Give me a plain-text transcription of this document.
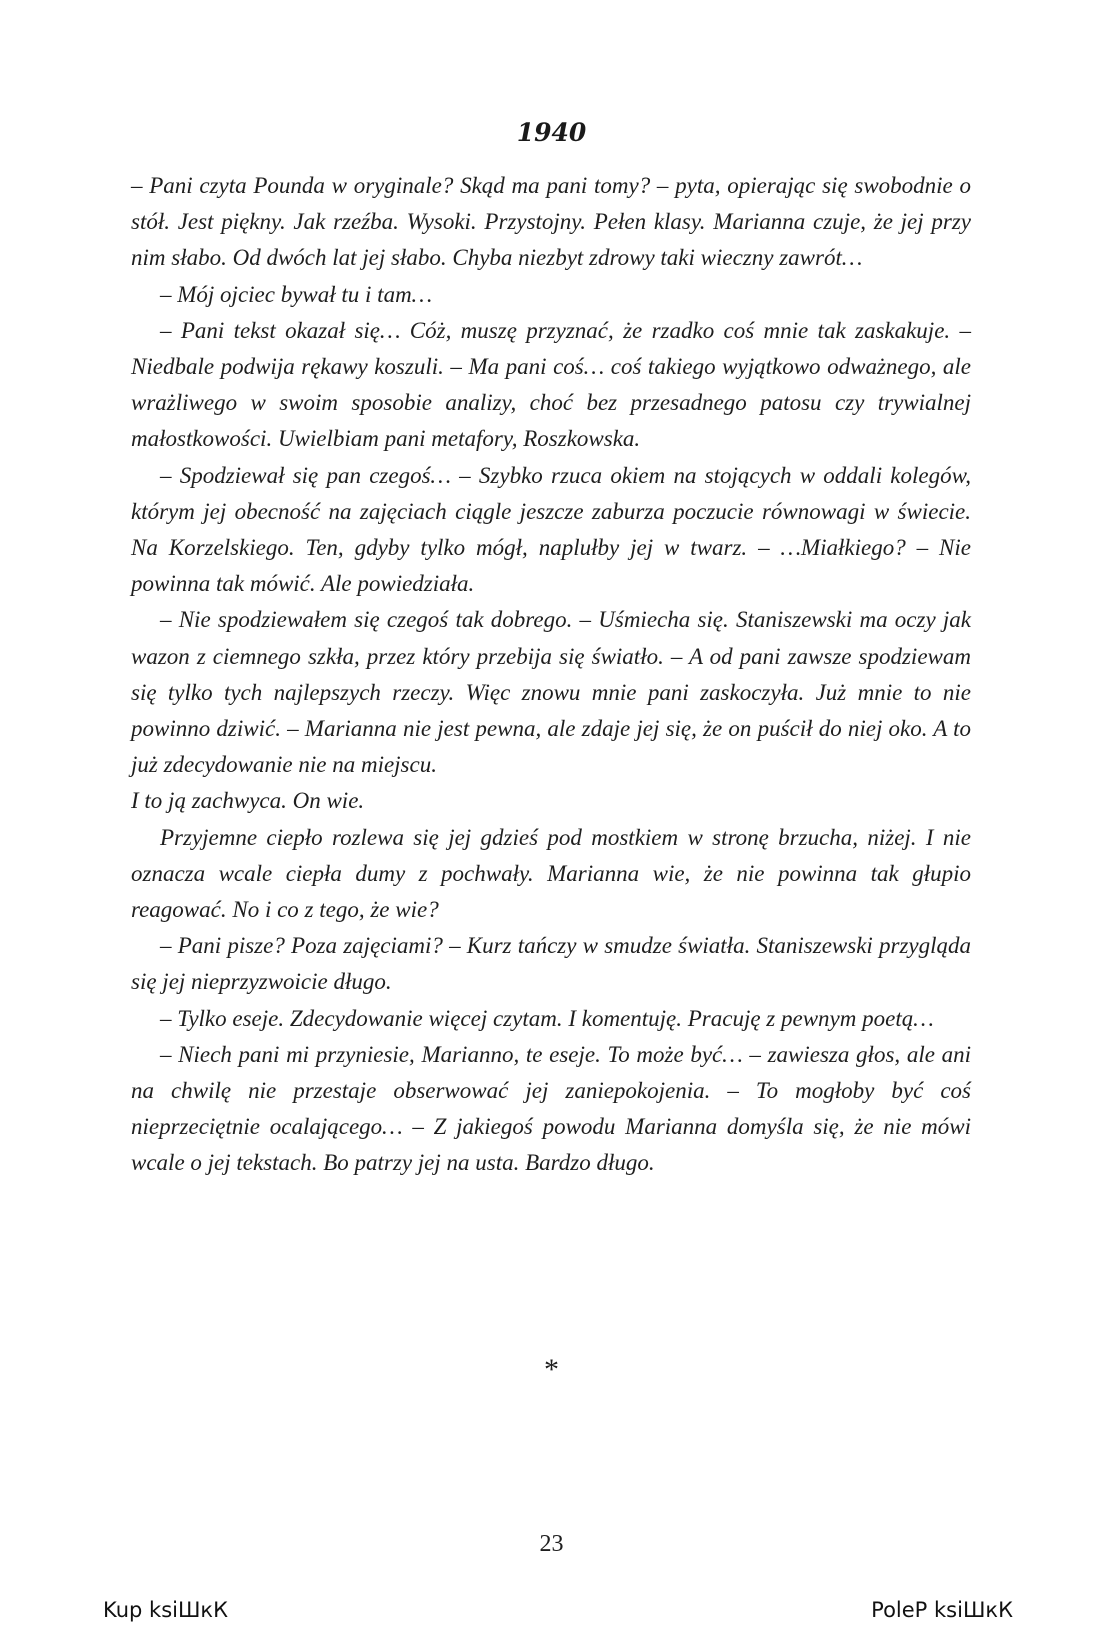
1940

– Pani czyta Pounda w oryginale? Skąd ma pani tomy? – pyta, opierając się swobodnie o stół. Jest piękny. Jak rzeźba. Wysoki. Przystojny. Pełen klasy. Marianna czuje, że jej przy nim słabo. Od dwóch lat jej słabo. Chyba niezbyt zdrowy taki wieczny zawrót…

– Mój ojciec bywał tu i tam…

– Pani tekst okazał się… Cóż, muszę przyznać, że rzadko coś mnie tak zaskakuje. – Niedbale podwija rękawy koszuli. – Ma pani coś… coś takiego wyjątkowo odważnego, ale wrażliwego w swoim sposobie analizy, choć bez przesadnego patosu czy trywialnej małostkowości. Uwielbiam pani metafory, Roszkowska.

– Spodziewał się pan czegoś… – Szybko rzuca okiem na stojących w oddali kolegów, którym jej obecność na zajęciach ciągle jeszcze zaburza poczucie równowagi w świecie. Na Korzelskiego. Ten, gdyby tylko mógł, naplułby jej w twarz. – …Miałkiego? – Nie powinna tak mówić. Ale powiedziała.

– Nie spodziewałem się czegoś tak dobrego. – Uśmiecha się. Staniszewski ma oczy jak wazon z ciemnego szkła, przez który przebija się światło. – A od pani zawsze spodziewam się tylko tych najlepszych rzeczy. Więc znowu mnie pani zaskoczyła. Już mnie to nie powinno dziwić. – Marianna nie jest pewna, ale zdaje jej się, że on puścił do niej oko. A to już zdecydowanie nie na miejscu.

I to ją zachwyca. On wie.

Przyjemne ciepło rozlewa się jej gdzieś pod mostkiem w stronę brzucha, niżej. I nie oznacza wcale ciepła dumy z pochwały. Marianna wie, że nie powinna tak głupio reagować. No i co z tego, że wie?

– Pani pisze? Poza zajęciami? – Kurz tańczy w smudze światła. Staniszewski przygląda się jej nieprzyzwoicie długo.

– Tylko eseje. Zdecydowanie więcej czytam. I komentuję. Pracuję z pewnym poetą…

– Niech pani mi przyniesie, Marianno, te eseje. To może być… – zawiesza głos, ale ani na chwilę nie przestaje obserwować jej zaniepokojenia. – To mogłoby być coś nieprzeciętnie ocalającego… – Z jakiegoś powodu Marianna domyśla się, że nie mówi wcale o jej tekstach. Bo patrzy jej na usta. Bardzo długo.

*
23
Kup ksiШкК	PoleР ksiШкК
